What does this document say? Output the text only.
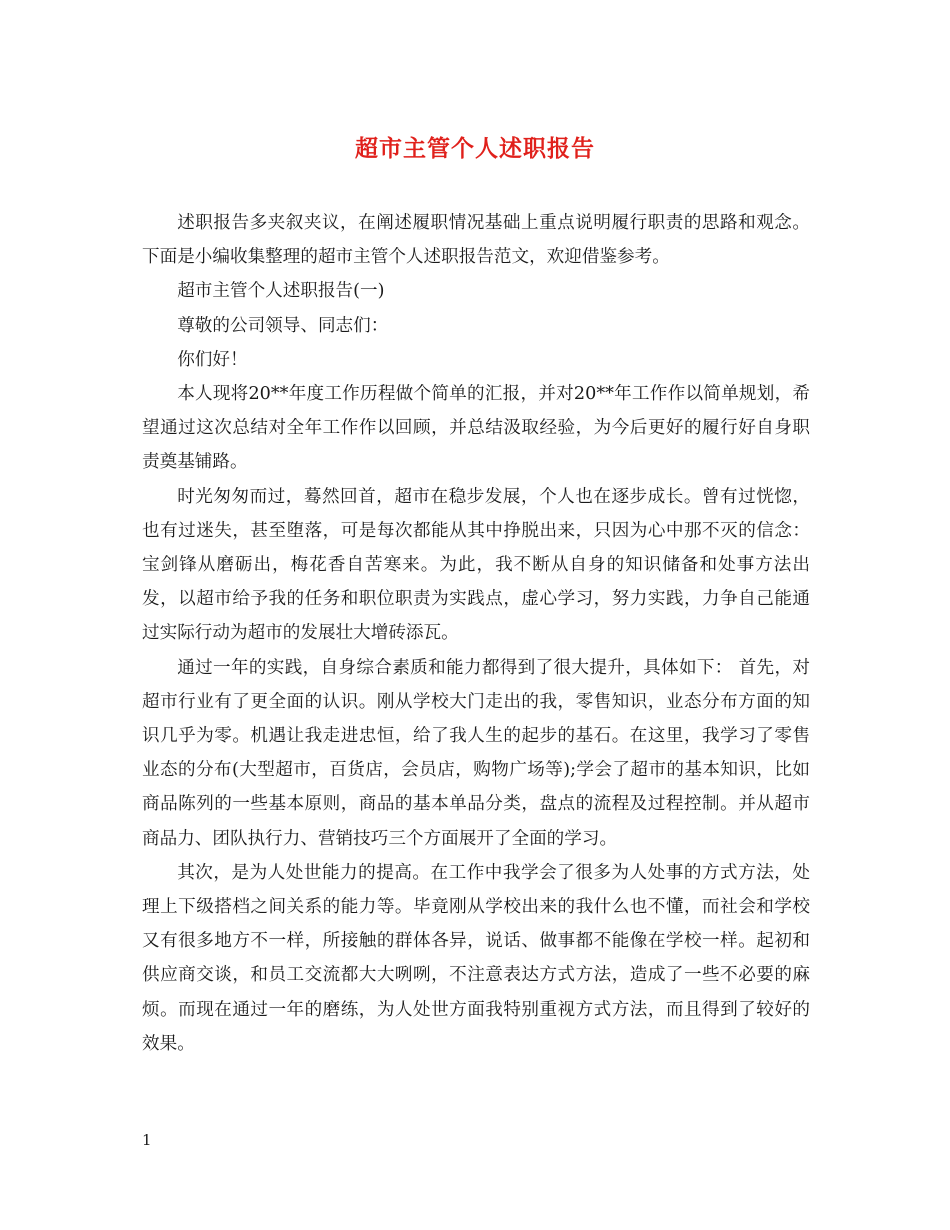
超市主管个人述职报告

述职报告多夹叙夹议，在阐述履职情况基础上重点说明履行职责的思路和观念。下面是小编收集整理的超市主管个人述职报告范文，欢迎借鉴参考。

超市主管个人述职报告(一)

尊敬的公司领导、同志们：

你们好！

本人现将20**年度工作历程做个简单的汇报，并对20**年工作作以简单规划，希望通过这次总结对全年工作作以回顾，并总结汲取经验，为今后更好的履行好自身职责奠基铺路。

时光匆匆而过，蓦然回首，超市在稳步发展，个人也在逐步成长。曾有过恍惚，也有过迷失，甚至堕落，可是每次都能从其中挣脱出来，只因为心中那不灭的信念：宝剑锋从磨砺出，梅花香自苦寒来。为此，我不断从自身的知识储备和处事方法出发，以超市给予我的任务和职位职责为实践点，虚心学习，努力实践，力争自己能通过实际行动为超市的发展壮大增砖添瓦。

通过一年的实践，自身综合素质和能力都得到了很大提升，具体如下： 首先，对超市行业有了更全面的认识。刚从学校大门走出的我，零售知识，业态分布方面的知识几乎为零。机遇让我走进忠恒，给了我人生的起步的基石。在这里，我学习了零售业态的分布(大型超市，百货店，会员店，购物广场等);学会了超市的基本知识，比如商品陈列的一些基本原则，商品的基本单品分类，盘点的流程及过程控制。并从超市商品力、团队执行力、营销技巧三个方面展开了全面的学习。

其次，是为人处世能力的提高。在工作中我学会了很多为人处事的方式方法，处理上下级搭档之间关系的能力等。毕竟刚从学校出来的我什么也不懂，而社会和学校又有很多地方不一样，所接触的群体各异，说话、做事都不能像在学校一样。起初和供应商交谈，和员工交流都大大咧咧，不注意表达方式方法，造成了一些不必要的麻烦。而现在通过一年的磨练，为人处世方面我特别重视方式方法，而且得到了较好的效果。

1
